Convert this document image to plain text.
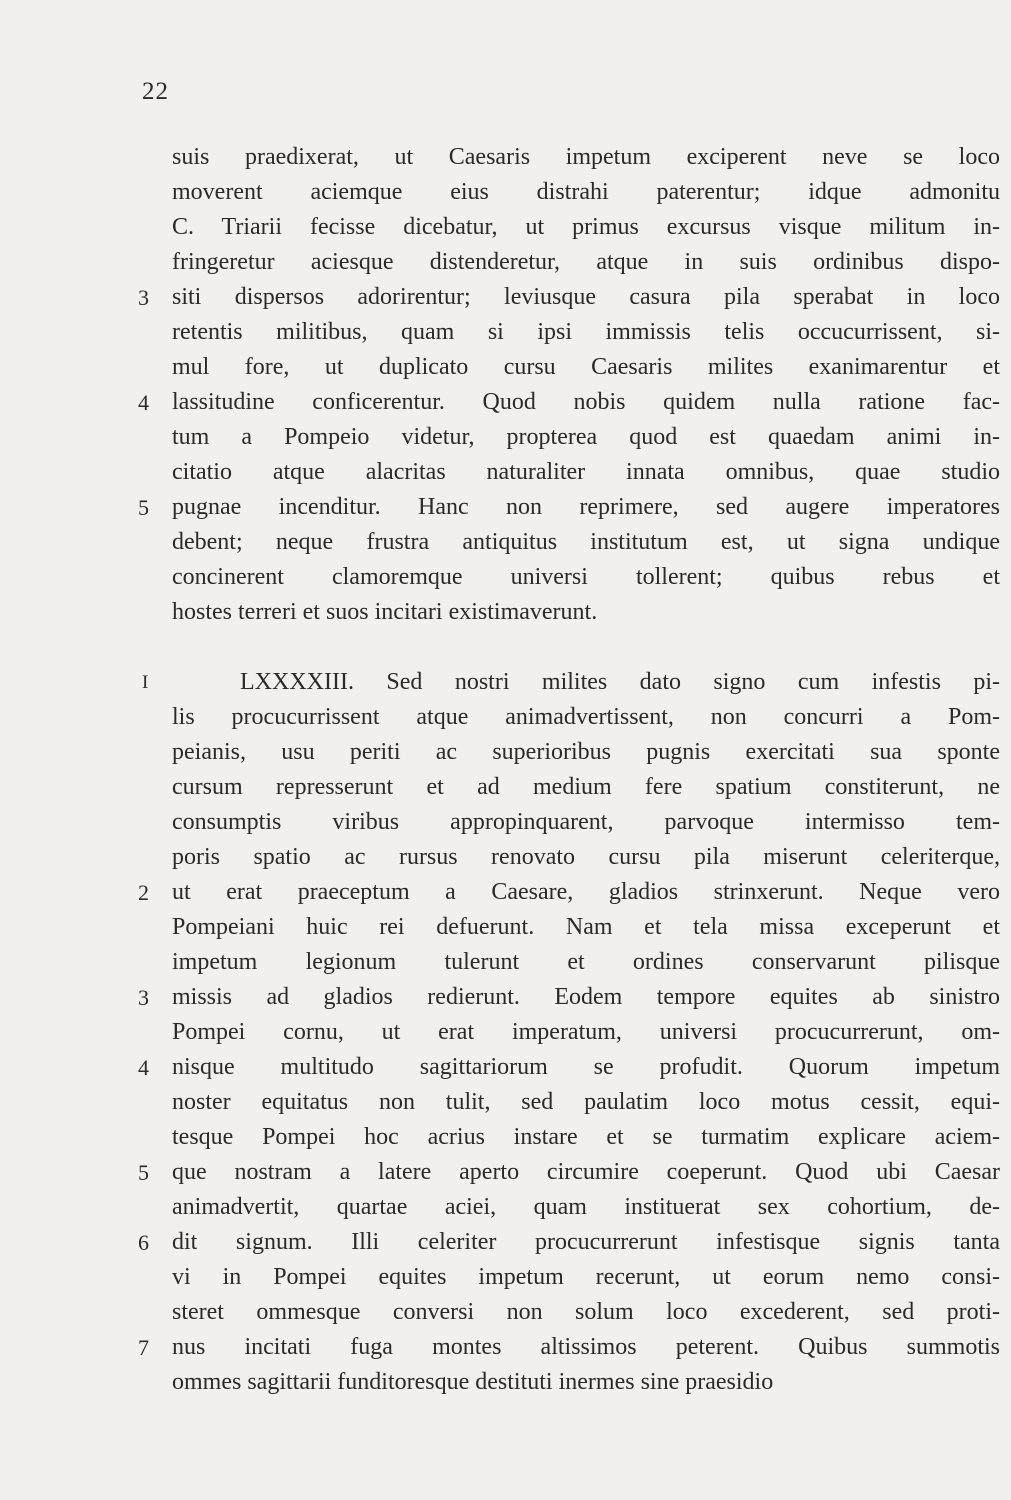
22
suis praedixerat, ut Caesaris impetum exciperent neve se loco
moverent aciemque eius distrahi paterentur; idque admonitu
C. Triarii fecisse dicebatur, ut primus excursus visque militum in-
fringeretur aciesque distenderetur, atque in suis ordinibus dispo-
siti dispersos adorirentur; leviusque casura pila sperabat in loco
retentis militibus, quam si ipsi immissis telis occucurrissent, si-
mul fore, ut duplicato cursu Caesaris milites exanimarentur et
lassitudine conficerentur. Quod nobis quidem nulla ratione fac-
tum a Pompeio videtur, propterea quod est quaedam animi in-
citatio atque alacritas naturaliter innata omnibus, quae studio
pugnae incenditur. Hanc non reprimere, sed augere imperatores
debent; neque frustra antiquitus institutum est, ut signa undique
concinerent clamoremque universi tollerent; quibus rebus et
hostes terreri et suos incitari existimaverunt.
LXXXXIII. Sed nostri milites dato signo cum infestis pi-
lis procucurrissent atque animadvertissent, non concurri a Pom-
peianis, usu periti ac superioribus pugnis exercitati sua sponte
cursum represserunt et ad medium fere spatium constiterunt, ne
consumptis viribus appropinquarent, parvoque intermisso tem-
poris spatio ac rursus renovato cursu pila miserunt celeriterque,
ut erat praeceptum a Caesare, gladios strinxerunt. Neque vero
Pompeiani huic rei defuerunt. Nam et tela missa exceperunt et
impetum legionum tulerunt et ordines conservarunt pilisque
missis ad gladios redierunt. Eodem tempore equites ab sinistro
Pompei cornu, ut erat imperatum, universi procucurrerunt, om-
nisque multitudo sagittariorum se profudit. Quorum impetum
noster equitatus non tulit, sed paulatim loco motus cessit, equi-
tesque Pompei hoc acrius instare et se turmatim explicare aciem-
que nostram a latere aperto circumire coeperunt. Quod ubi Caesar
animadvertit, quartae aciei, quam instituerat sex cohortium, de-
dit signum. Illi celeriter procucurrerunt infestisque signis tanta
vi in Pompei equites impetum recerunt, ut eorum nemo consi-
steret ommesque conversi non solum loco excederent, sed proti-
nus incitati fuga montes altissimos peterent. Quibus summotis
ommes sagittarii funditoresque destituti inermes sine praesidio
3
4
5
I
2
3
4
5
6
7
